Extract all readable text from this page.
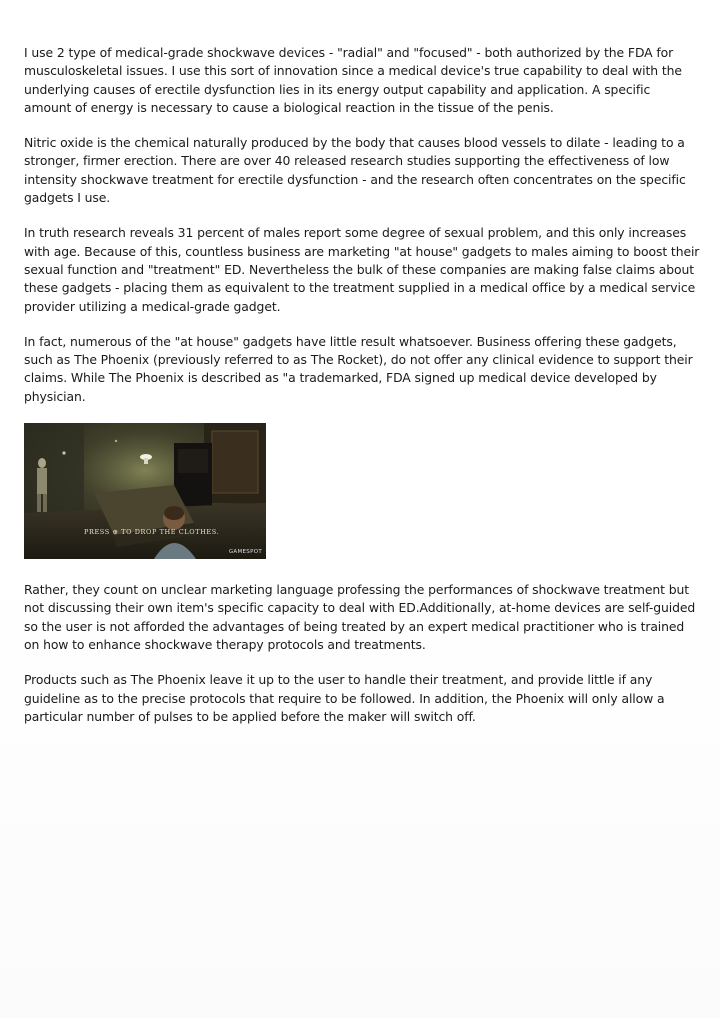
I use 2 type of medical-grade shockwave devices - "radial" and "focused" - both authorized by the FDA for musculoskeletal issues. I use this sort of innovation since a medical device's true capability to deal with the underlying causes of erectile dysfunction lies in its energy output capability and application. A specific amount of energy is necessary to cause a biological reaction in the tissue of the penis.

Nitric oxide is the chemical naturally produced by the body that causes blood vessels to dilate - leading to a stronger, firmer erection. There are over 40 released research studies supporting the effectiveness of low intensity shockwave treatment for erectile dysfunction - and the research often concentrates on the specific gadgets I use.

In truth research reveals 31 percent of males report some degree of sexual problem, and this only increases with age. Because of this, countless business are marketing "at house" gadgets to males aiming to boost their sexual function and "treatment" ED. Nevertheless the bulk of these companies are making false claims about these gadgets - placing them as equivalent to the treatment supplied in a medical office by a medical service provider utilizing a medical-grade gadget.

In fact, numerous of the "at house" gadgets have little result whatsoever. Business offering these gadgets, such as The Phoenix (previously referred to as The Rocket), do not offer any clinical evidence to support their claims. While The Phoenix is described as "a trademarked, FDA signed up medical device developed by physician.

PRESS ⊕ TO DROP THE CLOTHES.
GAMESPOT

Rather, they count on unclear marketing language professing the performances of shockwave treatment but not discussing their own item's specific capacity to deal with ED.Additionally, at-home devices are self-guided so the user is not afforded the advantages of being treated by an expert medical practitioner who is trained on how to enhance shockwave therapy protocols and treatments.

Products such as The Phoenix leave it up to the user to handle their treatment, and provide little if any guideline as to the precise protocols that require to be followed. In addition, the Phoenix will only allow a particular number of pulses to be applied before the maker will switch off.
